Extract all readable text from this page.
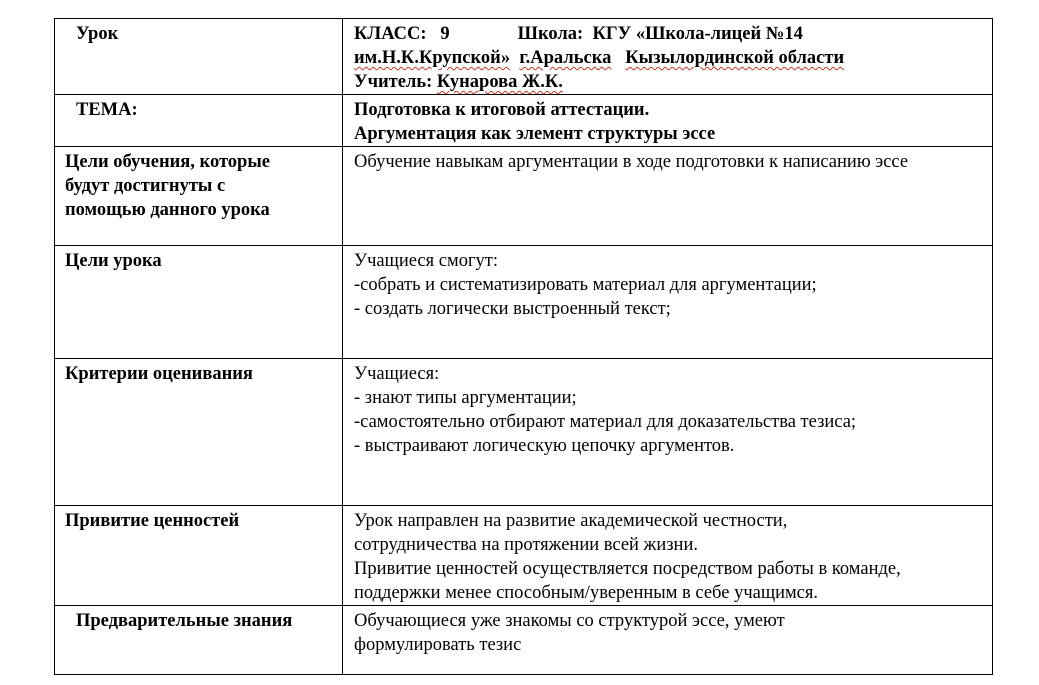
Урок	КЛАСС: 9 Школа: КГУ «Школа-лицей №14
им.Н.К.Крупской» г.Аральска Кызылординской области
Учитель: Кунарова Ж.К.

ТЕМА:	Подготовка к итоговой аттестации.
Аргументация как элемент структуры эссе

Цели обучения, которые
будут достигнуты с
помощью данного урока	Обучение навыкам аргументации в ходе подготовки к написанию эссе

Цели урока	Учащиеся смогут:
-собрать и систематизировать материал для аргументации;
- создать логически выстроенный текст;

Критерии оценивания	Учащиеся:
- знают типы аргументации;
-самостоятельно отбирают материал для доказательства тезиса;
- выстраивают логическую цепочку аргументов.

Привитие ценностей	Урок направлен на развитие академической честности,
сотрудничества на протяжении всей жизни.
Привитие ценностей осуществляется посредством работы в команде,
поддержки менее способным/уверенным в себе учащимся.

Предварительные знания	Обучающиеся уже знакомы со структурой эссе, умеют
формулировать тезис
